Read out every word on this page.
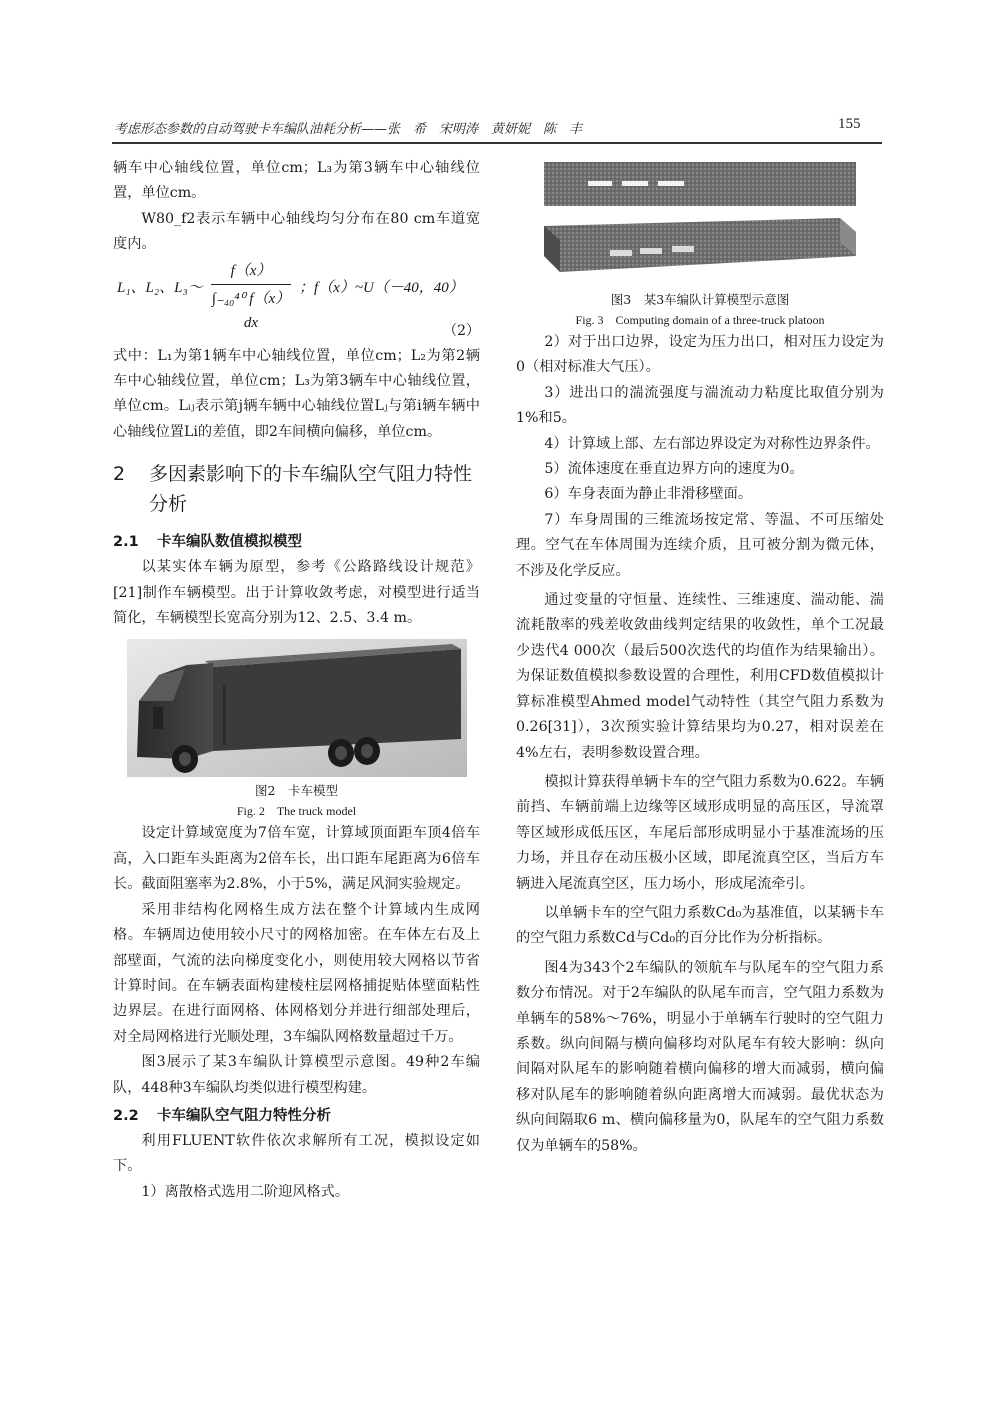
考虑形态参数的自动驾驶卡车编队油耗分析——张　希　宋明涛　黄妍妮　陈　丰	155

辆车中心轴线位置，单位cm；L₃为第3辆车中心轴线位置，单位cm。

W80_f2表示车辆中心轴线均匀分布在80 cm车道宽度内。

L₁、L₂、L₃～
f（x）
∫₋₄₀⁴⁰ f（x）dx
；f（x）~U（－40，40）
（2）

式中：L₁为第1辆车中心轴线位置，单位cm；L₂为第2辆车中心轴线位置，单位cm；L₃为第3辆车中心轴线位置，单位cm。Lᵢⱼ表示第j辆车辆中心轴线位置Lⱼ与第i辆车辆中心轴线位置Li的差值，即2车间横向偏移，单位cm。

2	多因素影响下的卡车编队空气阻力特性分析
2.1 卡车编队数值模拟模型

以某实体车辆为原型，参考《公路路线设计规范》[21]制作车辆模型。出于计算收敛考虑，对模型进行适当简化，车辆模型长宽高分别为12、2.5、3.4 m。

图2　卡车模型
Fig. 2　The truck model

设定计算域宽度为7倍车宽，计算域顶面距车顶4倍车高，入口距车头距离为2倍车长，出口距车尾距离为6倍车长。截面阻塞率为2.8%，小于5%，满足风洞实验规定。

采用非结构化网格生成方法在整个计算域内生成网格。车辆周边使用较小尺寸的网格加密。在车体左右及上部壁面，气流的法向梯度变化小，则使用较大网格以节省计算时间。在车辆表面构建棱柱层网格捕捉贴体壁面粘性边界层。在进行面网格、体网格划分并进行细部处理后，对全局网格进行光顺处理，3车编队网格数量超过千万。

图3展示了某3车编队计算模型示意图。49种2车编队，448种3车编队均类似进行模型构建。

2.2 卡车编队空气阻力特性分析

利用FLUENT软件依次求解所有工况，模拟设定如下。

1）离散格式选用二阶迎风格式。

图3　某3车编队计算模型示意图
Fig. 3　Computing domain of a three-truck platoon

2）对于出口边界，设定为压力出口，相对压力设定为0（相对标准大气压）。

3）进出口的湍流强度与湍流动力粘度比取值分别为1%和5。

4）计算域上部、左右部边界设定为对称性边界条件。

5）流体速度在垂直边界方向的速度为0。

6）车身表面为静止非滑移壁面。

7）车身周围的三维流场按定常、等温、不可压缩处理。空气在车体周围为连续介质，且可被分割为微元体，不涉及化学反应。

通过变量的守恒量、连续性、三维速度、湍动能、湍流耗散率的残差收敛曲线判定结果的收敛性，单个工况最少迭代4 000次（最后500次迭代的均值作为结果输出）。为保证数值模拟参数设置的合理性，利用CFD数值模拟计算标准模型Ahmed model气动特性（其空气阻力系数为0.26[31]），3次预实验计算结果均为0.27，相对误差在4%左右，表明参数设置合理。

模拟计算获得单辆卡车的空气阻力系数为0.622。车辆前挡、车辆前端上边缘等区域形成明显的高压区，导流罩等区域形成低压区，车尾后部形成明显小于基准流场的压力场，并且存在动压极小区域，即尾流真空区，当后方车辆进入尾流真空区，压力场小，形成尾流牵引。

以单辆卡车的空气阻力系数Cd₀为基准值，以某辆卡车的空气阻力系数Cd与Cd₀的百分比作为分析指标。

图4为343个2车编队的领航车与队尾车的空气阻力系数分布情况。对于2车编队的队尾车而言，空气阻力系数为单辆车的58%～76%，明显小于单辆车行驶时的空气阻力系数。纵向间隔与横向偏移均对队尾车有较大影响：纵向间隔对队尾车的影响随着横向偏移的增大而减弱，横向偏移对队尾车的影响随着纵向距离增大而减弱。最优状态为纵向间隔取6 m、横向偏移量为0，队尾车的空气阻力系数仅为单辆车的58%。
